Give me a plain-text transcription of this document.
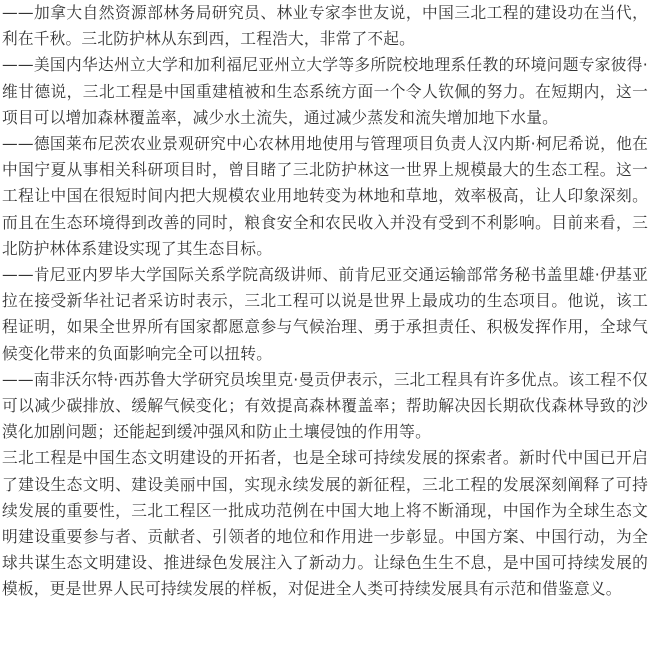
——加拿大自然资源部林务局研究员、林业专家李世友说，中国三北工程的建设功在当代，利在千秋。三北防护林从东到西，工程浩大，非常了不起。

——美国内华达州立大学和加利福尼亚州立大学等多所院校地理系任教的环境问题专家彼得·维甘德说，三北工程是中国重建植被和生态系统方面一个令人钦佩的努力。在短期内，这一项目可以增加森林覆盖率，减少水土流失，通过减少蒸发和流失增加地下水量。

——德国莱布尼茨农业景观研究中心农林用地使用与管理项目负责人汉内斯·柯尼希说，他在中国宁夏从事相关科研项目时，曾目睹了三北防护林这一世界上规模最大的生态工程。这一工程让中国在很短时间内把大规模农业用地转变为林地和草地，效率极高，让人印象深刻。而且在生态环境得到改善的同时，粮食安全和农民收入并没有受到不利影响。目前来看，三北防护林体系建设实现了其生态目标。

——肯尼亚内罗毕大学国际关系学院高级讲师、前肯尼亚交通运输部常务秘书盖里雄·伊基亚拉在接受新华社记者采访时表示，三北工程可以说是世界上最成功的生态项目。他说，该工程证明，如果全世界所有国家都愿意参与气候治理、勇于承担责任、积极发挥作用，全球气候变化带来的负面影响完全可以扭转。

——南非沃尔特·西苏鲁大学研究员埃里克·曼贡伊表示，三北工程具有许多优点。该工程不仅可以减少碳排放、缓解气候变化；有效提高森林覆盖率；帮助解决因长期砍伐森林导致的沙漠化加剧问题；还能起到缓冲强风和防止土壤侵蚀的作用等。

三北工程是中国生态文明建设的开拓者，也是全球可持续发展的探索者。新时代中国已开启了建设生态文明、建设美丽中国，实现永续发展的新征程，三北工程的发展深刻阐释了可持续发展的重要性，三北工程区一批成功范例在中国大地上将不断涌现，中国作为全球生态文明建设重要参与者、贡献者、引领者的地位和作用进一步彰显。中国方案、中国行动，为全球共谋生态文明建设、推进绿色发展注入了新动力。让绿色生生不息，是中国可持续发展的模板，更是世界人民可持续发展的样板，对促进全人类可持续发展具有示范和借鉴意义。
